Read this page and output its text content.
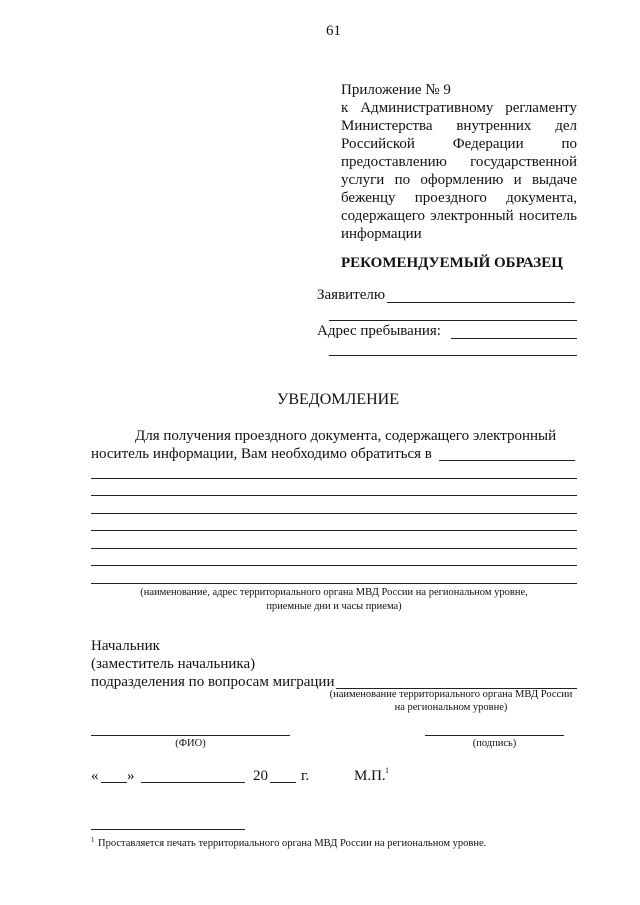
61
Приложение № 9
к Административному регламенту
Министерства внутренних дел
Российской Федерации по
предоставлению государственной
услуги по оформлению и выдаче
беженцу проездного документа,
содержащего электронный носитель
информации
РЕКОМЕНДУЕМЫЙ ОБРАЗЕЦ
Заявителю
Адрес пребывания:
УВЕДОМЛЕНИЕ
Для получения проездного документа, содержащего электронный
носитель информации, Вам необходимо обратиться в
(наименование, адрес территориального органа МВД России на региональном уровне,
приемные дни и часы приема)
Начальник
(заместитель начальника)
подразделения по вопросам миграции
(наименование территориального органа МВД России
на региональном уровне)
(ФИО)	(подпись)
« »	20 г.	М.П. 1
1 Проставляется печать территориального органа МВД России на региональном уровне.
